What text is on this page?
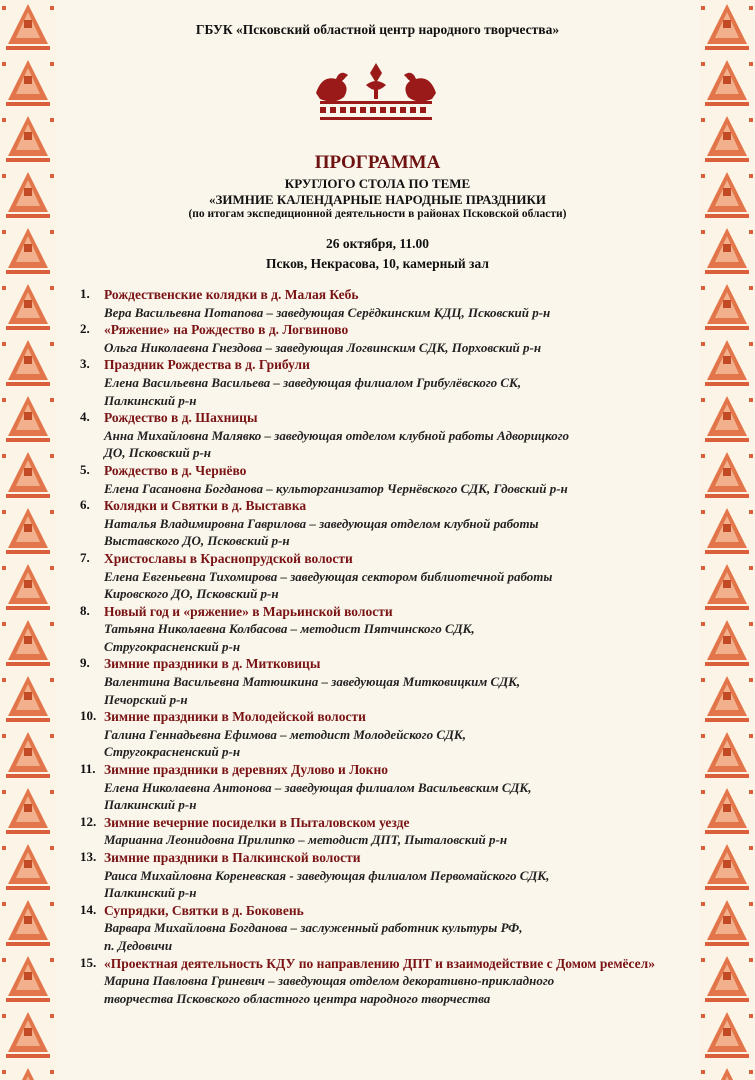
ГБУК «Псковский областной центр народного творчества»
ПРОГРАММА
КРУГЛОГО СТОЛА ПО ТЕМЕ
«ЗИМНИЕ КАЛЕНДАРНЫЕ НАРОДНЫЕ ПРАЗДНИКИ
(по итогам экспедиционной деятельности в районах Псковской области)
26 октября, 11.00
Псков, Некрасова, 10, камерный зал
1. Рождественские колядки в д. Малая Кебь
Вера Васильевна Потапова – заведующая Серёдкинским КДЦ, Псковский р-н
2. «Ряжение» на Рождество в д. Логвиново
Ольга Николаевна Гнездова – заведующая Логвинским СДК, Порховский р-н
3. Праздник Рождества в д. Грибули
Елена Васильевна Васильева – заведующая филиалом Грибулёвского СК,
Палкинский р-н
4. Рождество в д. Шахницы
Анна Михайловна Малявко – заведующая отделом клубной работы Адворицкого
ДО, Псковский р-н
5. Рождество в д. Чернёво
Елена Гасановна Богданова – культорганизатор Чернёвского СДК, Гдовский р-н
6. Колядки и Святки в д. Выставка
Наталья Владимировна Гаврилова – заведующая отделом клубной работы
Выставского ДО, Псковский р-н
7. Христославы в Краснопрудской волости
Елена Евгеньевна Тихомирова – заведующая сектором библиотечной работы
Кировского ДО, Псковский р-н
8. Новый год и «ряжение» в Марьинской волости
Татьяна Николаевна Колбасова – методист Пятчинского СДК,
Стругокрасненский р-н
9. Зимние праздники в д. Митковицы
Валентина Васильевна Матюшкина – заведующая Митковицким СДК,
Печорский р-н
10. Зимние праздники в Молодейской волости
Галина Геннадьевна Ефимова – методист Молодейского СДК,
Стругокрасненский р-н
11. Зимние праздники в деревнях Дулово и Локно
Елена Николаевна Антонова – заведующая филиалом Васильевским СДК,
Палкинский р-н
12. Зимние вечерние посиделки в Пыталовском уезде
Марианна Леонидовна Прилипко – методист ДПТ, Пыталовский р-н
13. Зимние праздники в Палкинской волости
Раиса Михайловна Кореневская - заведующая филиалом Первомайского СДК,
Палкинский р-н
14. Супрядки, Святки в д. Боковень
Варвара Михайловна Богданова – заслуженный работник культуры РФ,
п. Дедовичи
15. «Проектная деятельность КДУ по направлению ДПТ и взаимодействие с Домом ремёсел»
Марина Павловна Гриневич – заведующая отделом декоративно-прикладного
творчества Псковского областного центра народного творчества
